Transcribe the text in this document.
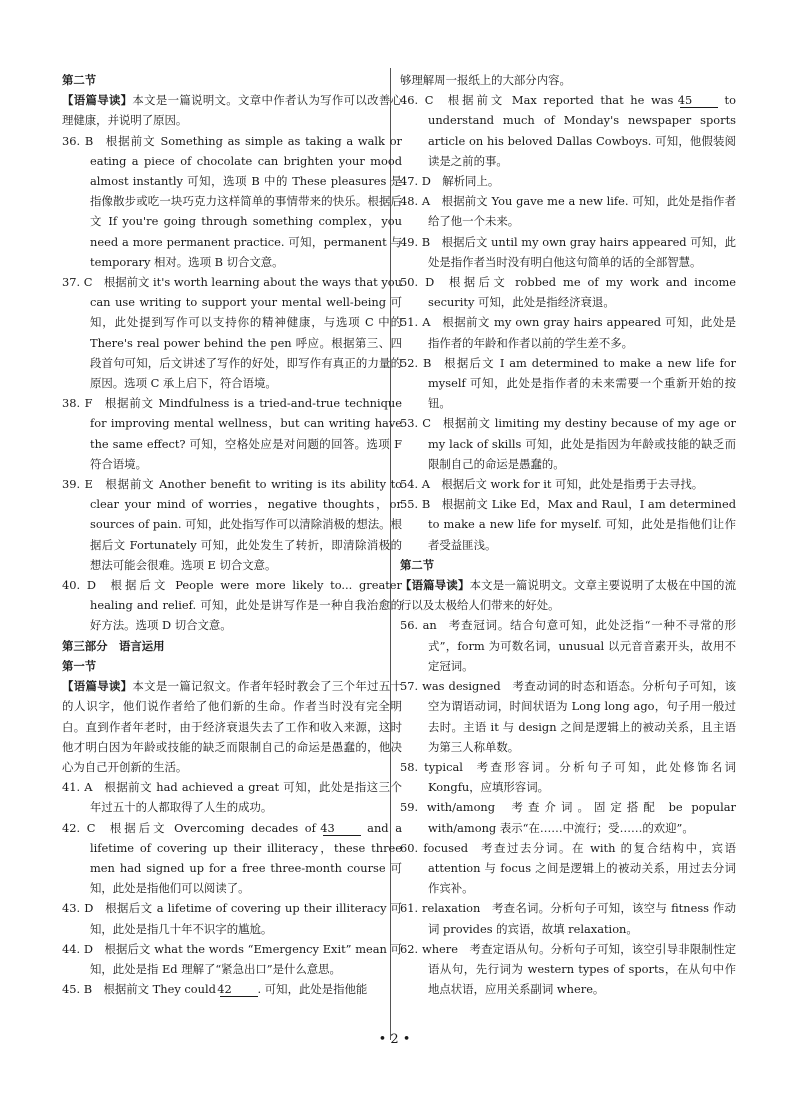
第二节

【语篇导读】本文是一篇说明文。文章中作者认为写作可以改善心理健康，并说明了原因。

36. B  根据前文 Something as simple as taking a walk or eating a piece of chocolate can brighten your mood almost instantly 可知，选项 B 中的 These pleasures 是指像散步或吃一块巧克力这样简单的事情带来的快乐。根据后文 If you're going through something complex，you need a more permanent practice. 可知，permanent 与 temporary 相对。选项 B 切合文意。

37. C  根据前文 it's worth learning about the ways that you can use writing to support your mental well-being 可知，此处提到写作可以支持你的精神健康，与选项 C 中的 There's real power behind the pen 呼应。根据第三、四段首句可知，后文讲述了写作的好处，即写作有真正的力量的原因。选项 C 承上启下，符合语境。

38. F  根据前文 Mindfulness is a tried-and-true technique for improving mental wellness，but can writing have the same effect? 可知，空格处应是对问题的回答。选项 F 符合语境。

39. E  根据前文 Another benefit to writing is its ability to clear your mind of worries，negative thoughts，or sources of pain. 可知，此处指写作可以清除消极的想法。根据后文 Fortunately 可知，此处发生了转折，即清除消极的想法可能会很难。选项 E 切合文意。

40. D  根据后文 People were more likely to... greater healing and relief. 可知，此处是讲写作是一种自我治愈的好方法。选项 D 切合文意。

第三部分　语言运用

第一节

【语篇导读】本文是一篇记叙文。作者年轻时教会了三个年过五十的人识字，他们说作者给了他们新的生命。作者当时没有完全明白。直到作者年老时，由于经济衰退失去了工作和收入来源，这时他才明白因为年龄或技能的缺乏而限制自己的命运是愚蠢的，他决心为自己开创新的生活。

41. A  根据前文 had achieved a great 可知，此处是指这三个年过五十的人都取得了人生的成功。

42. C  根据后文 Overcoming decades of 43 and a lifetime of covering up their illiteracy，these three men had signed up for a free three-month course 可知，此处是指他们可以阅读了。

43. D  根据后文 a lifetime of covering up their illiteracy 可知，此处是指几十年不识字的尴尬。

44. D  根据后文 what the words “Emergency Exit” mean 可知，此处是指 Ed 理解了“紧急出口”是什么意思。

45. B  根据前文 They could 42 . 可知，此处是指他能

够理解周一报纸上的大部分内容。

46. C  根据前文 Max reported that he was 45 to understand much of Monday's newspaper sports article on his beloved Dallas Cowboys. 可知，他假装阅读是之前的事。

47. D  解析同上。

48. A  根据前文 You gave me a new life. 可知，此处是指作者给了他一个未来。

49. B  根据后文 until my own gray hairs appeared 可知，此处是指作者当时没有明白他这句简单的话的全部智慧。

50. D  根据后文 robbed me of my work and income security 可知，此处是指经济衰退。

51. A  根据前文 my own gray hairs appeared 可知，此处是指作者的年龄和作者以前的学生差不多。

52. B  根据后文 I am determined to make a new life for myself 可知，此处是指作者的未来需要一个重新开始的按钮。

53. C  根据前文 limiting my destiny because of my age or my lack of skills 可知，此处是指因为年龄或技能的缺乏而限制自己的命运是愚蠢的。

54. A  根据后文 work for it 可知，此处是指勇于去寻找。

55. B  根据前文 Like Ed，Max and Raul，I am determined to make a new life for myself. 可知，此处是指他们让作者受益匪浅。

第二节

【语篇导读】本文是一篇说明文。文章主要说明了太极在中国的流行以及太极给人们带来的好处。

56. an  考查冠词。结合句意可知，此处泛指“一种不寻常的形式”，form 为可数名词，unusual 以元音音素开头，故用不定冠词。

57. was designed  考查动词的时态和语态。分析句子可知，该空为谓语动词，时间状语为 Long long ago，句子用一般过去时。主语 it 与 design 之间是逻辑上的被动关系，且主语为第三人称单数。

58. typical  考查形容词。分析句子可知，此处修饰名词 Kongfu，应填形容词。

59. with/among  考查介词。固定搭配 be popular with/among 表示“在……中流行；受……的欢迎”。

60. focused  考查过去分词。在 with 的复合结构中，宾语 attention 与 focus 之间是逻辑上的被动关系，用过去分词作宾补。

61. relaxation  考查名词。分析句子可知，该空与 fitness 作动词 provides 的宾语，故填 relaxation。

62. where  考查定语从句。分析句子可知，该空引导非限制性定语从句，先行词为 western types of sports，在从句中作地点状语，应用关系副词 where。

• 2 •
